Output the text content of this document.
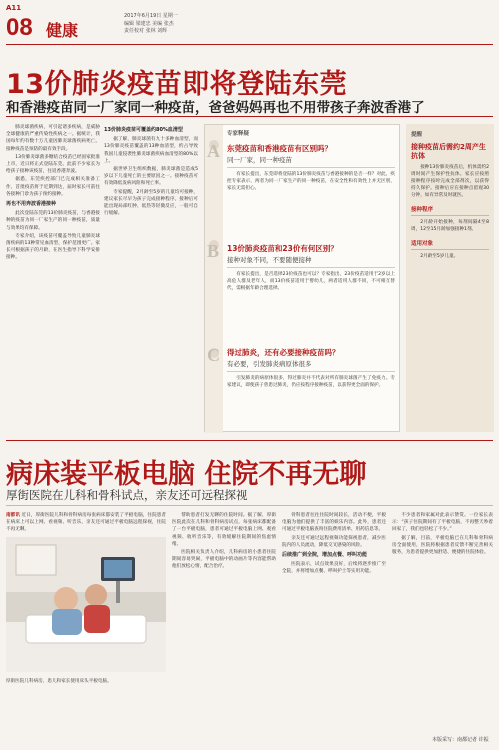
A11
08 健康
2017年6月19日 星期一
编辑 梁建忠 美编 张杰
责任校对 张林 刘辉
13价肺炎疫苗即将登陆东莞
和香港疫苗同一厂家同一种疫苗，爸爸妈妈再也不用带孩子奔波香港了

肺炎球菌疾病，可引起诸多疾病，是威胁全球健康的严重传染性疾病之一。据统计，我国每年约有数十万儿童因肺炎球菌疾病死亡。接种疫苗是预防的最有效手段。

13价肺炎球菌多糖结合疫苗已经国家批准上市，近日将正式登陆东莞。此前不少家长为给孩子接种该疫苗，往返香港奔波。

据悉，东莞疾控部门已完成相关准备工作，首批疫苗将于近期到达，届时家长可前往各接种门诊为孩子预约接种。

再也不用奔波香港接种

此次登陆东莞的13价肺炎疫苗，与香港接种的疫苗为同一厂家生产的同一种疫苗，质量与效果均有保障。

专家介绍，该疫苗可覆盖导致儿童肺炎球菌疾病的13种常见血清型，保护范围更广。家长可根据孩子的月龄，在医生指导下科学安排接种。

13价肺炎疫苗可覆盖约80%血清型

据了解，肺炎球菌有九十多种血清型，而13价肺炎疫苗覆盖的13种血清型，约占导致我国儿童侵袭性肺炎球菌疾病血清型的80%以上。

据世界卫生组织数据，肺炎球菌是造成5岁以下儿童死亡的主要原因之一。接种疫苗可有效降低发病风险和死亡率。

专家提醒，2月龄至5岁的儿童均可接种，建议家长尽早为孩子完成接种程序。接种后可能出现局部红肿、低热等轻微反应，一般可自行缓解。

专家释疑
A 东莞疫苗和香港疫苗有区别吗？
同一厂家，同一种疫苗
有家长提出，东莞即将登陆的13价肺炎疫苗与香港接种的是否一样？对此，疾控专家表示，两者为同一厂家生产的同一种疫苗，在安全性和有效性上并无区别，家长无需担心。
B 13价肺炎疫苗和23价有何区别？
接种对象不同，不要随便接种
有家长提出，是否选择23价疫苗也可以？专家指出，23价疫苗适用于2岁以上高危人群及老年人，而13价疫苗适用于婴幼儿，两者适用人群不同，不可相互替代，需根据年龄合理选择。
C 得过肺炎，还有必要接种疫苗吗？
有必要，引发肺炎病原体很多
引发肺炎的病原体很多，得过肺炎并不代表对所有肺炎球菌产生了免疫力。专家建议，即使孩子曾患过肺炎，仍应按程序接种疫苗，以获得更全面的保护。
提醒
接种疫苗后需约2周产生抗体
接种13价肺炎疫苗后，机体需约2周时间产生保护性抗体。家长应按照接种程序按时完成全部剂次，以获得持久保护。接种后应在接种点留观30分钟，如有异常及时就医。
接种程序
2月龄开始接种，每剂间隔4至8周，12至15月龄加强接种1剂。
适用对象
2月龄至5岁儿童。
病床装平板电脑 住院不再无聊
厚街医院在儿科和骨科试点，亲友还可远程探视
南都讯 近日，厚街医院儿科和骨科病房每张病床都安装了平板电脑，住院患者在病床上可以上网、看视频、听音乐，亲友还可通过平板电脑远程探视，住院不再无聊。
厚街医院儿科病房，患儿和家长使用床头平板电脑。

帮助患者打发无聊的住院时间。据了解，厚街医院此次在儿科和骨科病房试点，每张病床都配备了一台平板电脑，患者可通过平板电脑上网、观看视频、收听音乐等，有效缓解住院期间的焦虑情绪。

医院相关负责人介绍，儿科病房的小患者住院期间容易哭闹，平板电脑中的动画片等内容能帮助他们放松心情，配合治疗。

骨科患者往往住院时间较长，活动不便，平板电脑为他们提供了丰富的娱乐内容。此外，患者还可通过平板电脑查询住院费用清单、用药信息等。

亲友还可通过远程视频功能探视患者，减少医院内的人员流动，降低交叉感染的风险。

后续推广到全院，增加点餐、呼叫功能

医院表示，试点效果良好，后续将逐步推广至全院，并将增加点餐、呼叫护士等实用功能。

不少患者和家属对此表示赞赏。一位家长表示：“孩子住院期间有了平板电脑，不再整天吵着回家了，我们也轻松了不少。”

据了解，目前，平板电脑已在儿科和骨科病房全面使用，医院将根据患者反馈不断完善相关服务，为患者提供更加舒适、便捷的住院体验。

本版采写：南都记者 许振
